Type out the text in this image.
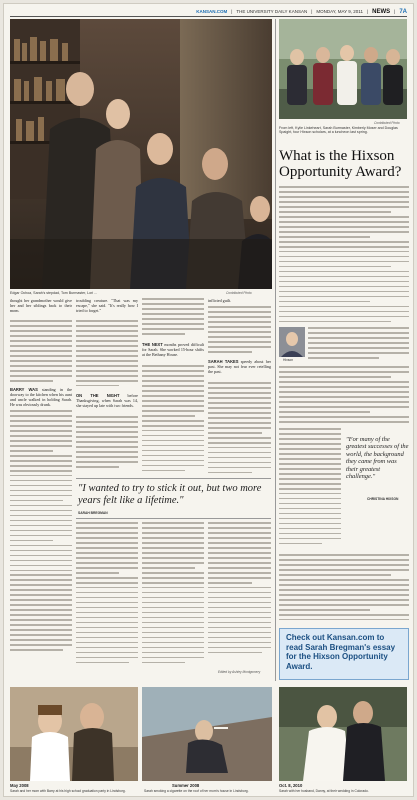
KANSAN.COM | THE UNIVERSITY DAILY KANSAN | MONDAY, MAY 9, 2011 | NEWS | 7A
Edgar Ochoa, Sarah's stepdad, Tom Burmaster, Lori ...	Contributed Photo
Contributed Photo
From left, Kylie Linkeheart, Sarah Burmaster, Kimberly Moser and Douglas Spaight, four Hixson scholars, at a luncheon last spring.
What is the Hixson Opportunity Award?
Hixson
"For many of the greatest successes of the world, the background they came from was their greatest challenge."
CHRISTINA HIXSON
Check out Kansan.com to read Sarah Bregman's essay for the Hixson Opportunity Award.
thought her grandmother would give her and her siblings back to their mom.
BARRY WAS standing in the doorway to the kitchen when his aunt and uncle walked in holding Sarah. He was obviously drunk.
troubling creature. "That was my escape," she said. "It's really how I tried to forget."
ON THE NIGHT before Thanksgiving, when Sarah was 14, she stayed up late with two friends.
THE NEXT months proved difficult for Sarah. She worked 15-hour shifts at the Bethany House.
inflicted guilt.
SARAH TAKES speedy about her past. She may not fear ever retelling the past.
"I wanted to try to stick it out, but two more years felt like a lifetime."
SARAH BREGMAN
Edited by Ashley Montgomery
May 2008
Sarah and her mom with Barry at his high school graduation party in Lindsborg.
Summer 2008
Sarah smoking a cigarette on the roof of her mom's house in Lindsborg.
Oct. 8, 2010
Sarah with her husband, Danny, at their wedding in Colorado.
